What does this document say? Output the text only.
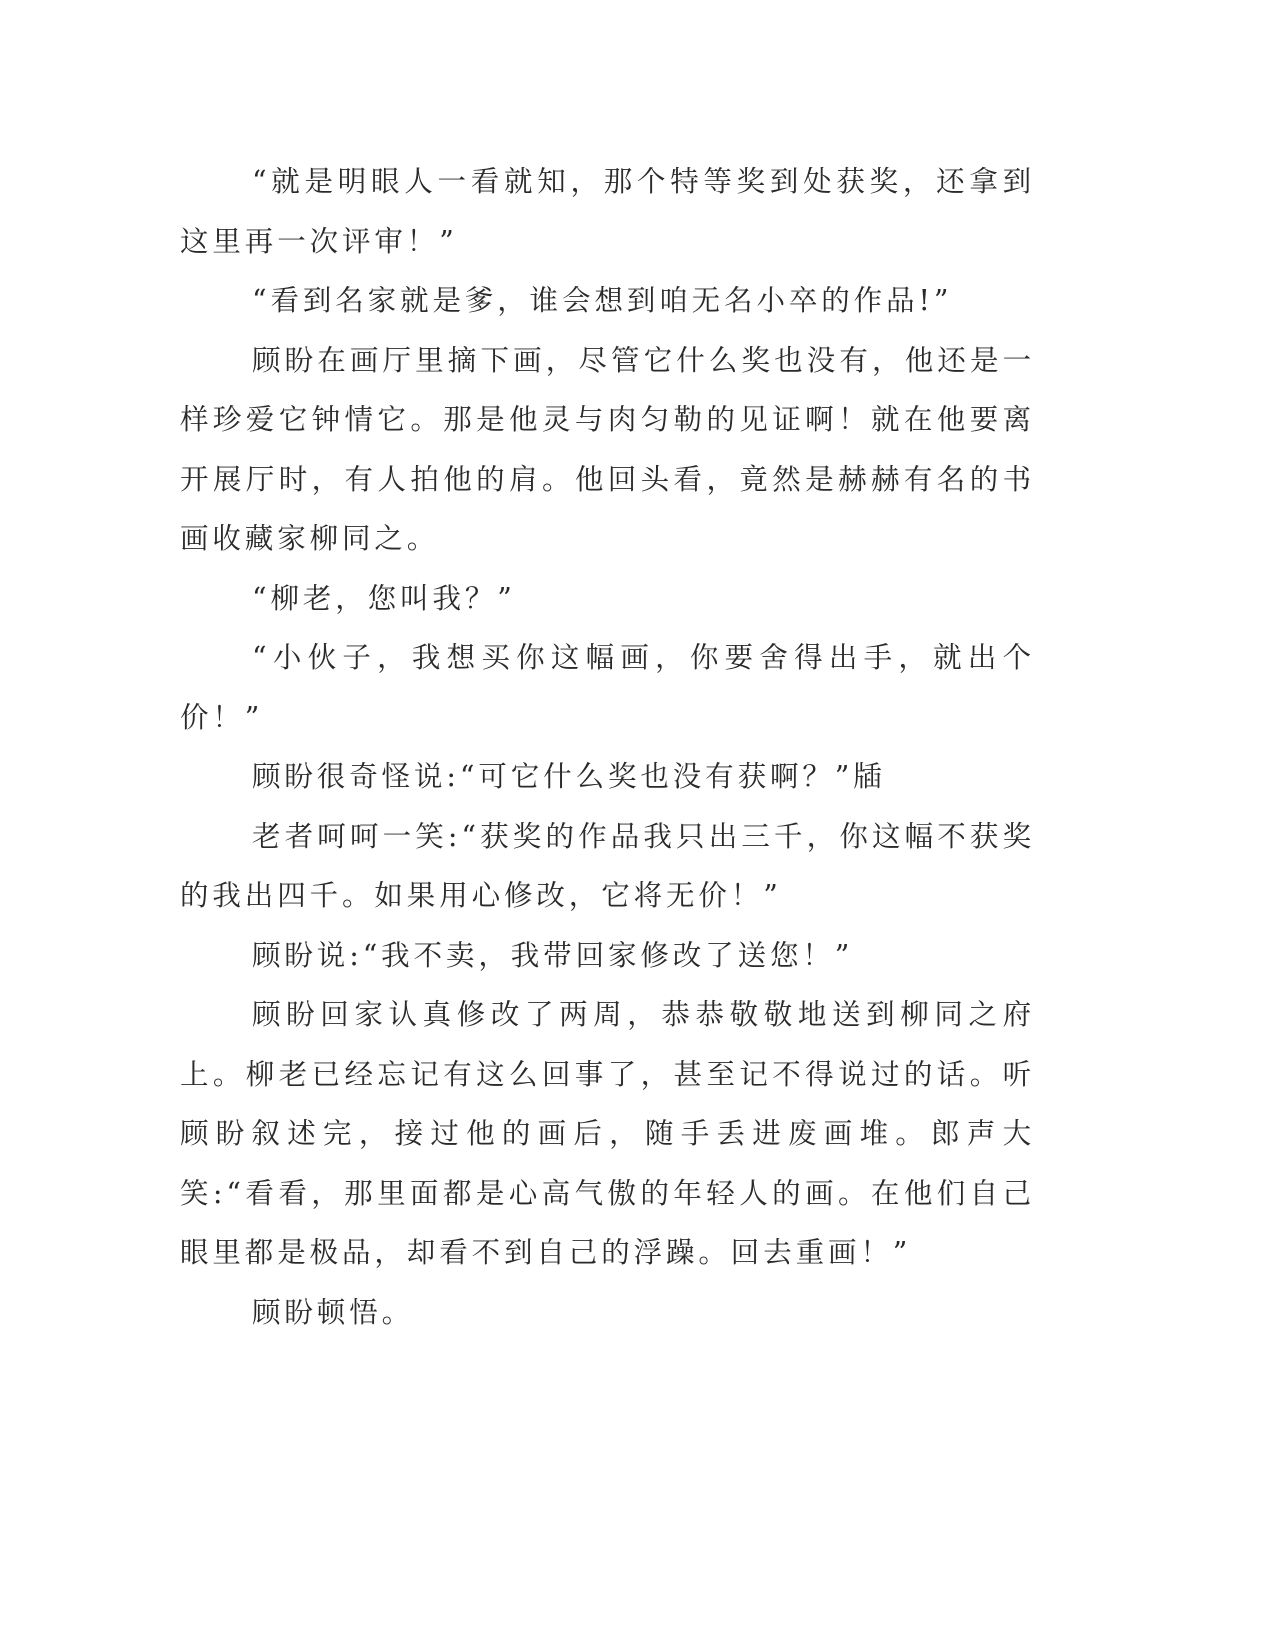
“就是明眼人一看就知，那个特等奖到处获奖，还拿到这里再一次评审！”

“看到名家就是爹，谁会想到咱无名小卒的作品!”

顾盼在画厅里摘下画，尽管它什么奖也没有，他还是一样珍爱它钟情它。那是他灵与肉匀勒的见证啊！就在他要离开展厅时，有人拍他的肩。他回头看，竟然是赫赫有名的书画收藏家柳同之。

“柳老，您叫我？”

“小伙子，我想买你这幅画，你要舍得出手，就出个价！”

顾盼很奇怪说:“可它什么奖也没有获啊？”牐

老者呵呵一笑:“获奖的作品我只出三千，你这幅不获奖的我出四千。如果用心修改，它将无价！”

顾盼说:“我不卖，我带回家修改了送您！”

顾盼回家认真修改了两周，恭恭敬敬地送到柳同之府上。柳老已经忘记有这么回事了，甚至记不得说过的话。听顾盼叙述完，接过他的画后，随手丢进废画堆。郎声大笑:“看看，那里面都是心高气傲的年轻人的画。在他们自己眼里都是极品，却看不到自己的浮躁。回去重画！”

顾盼顿悟。
